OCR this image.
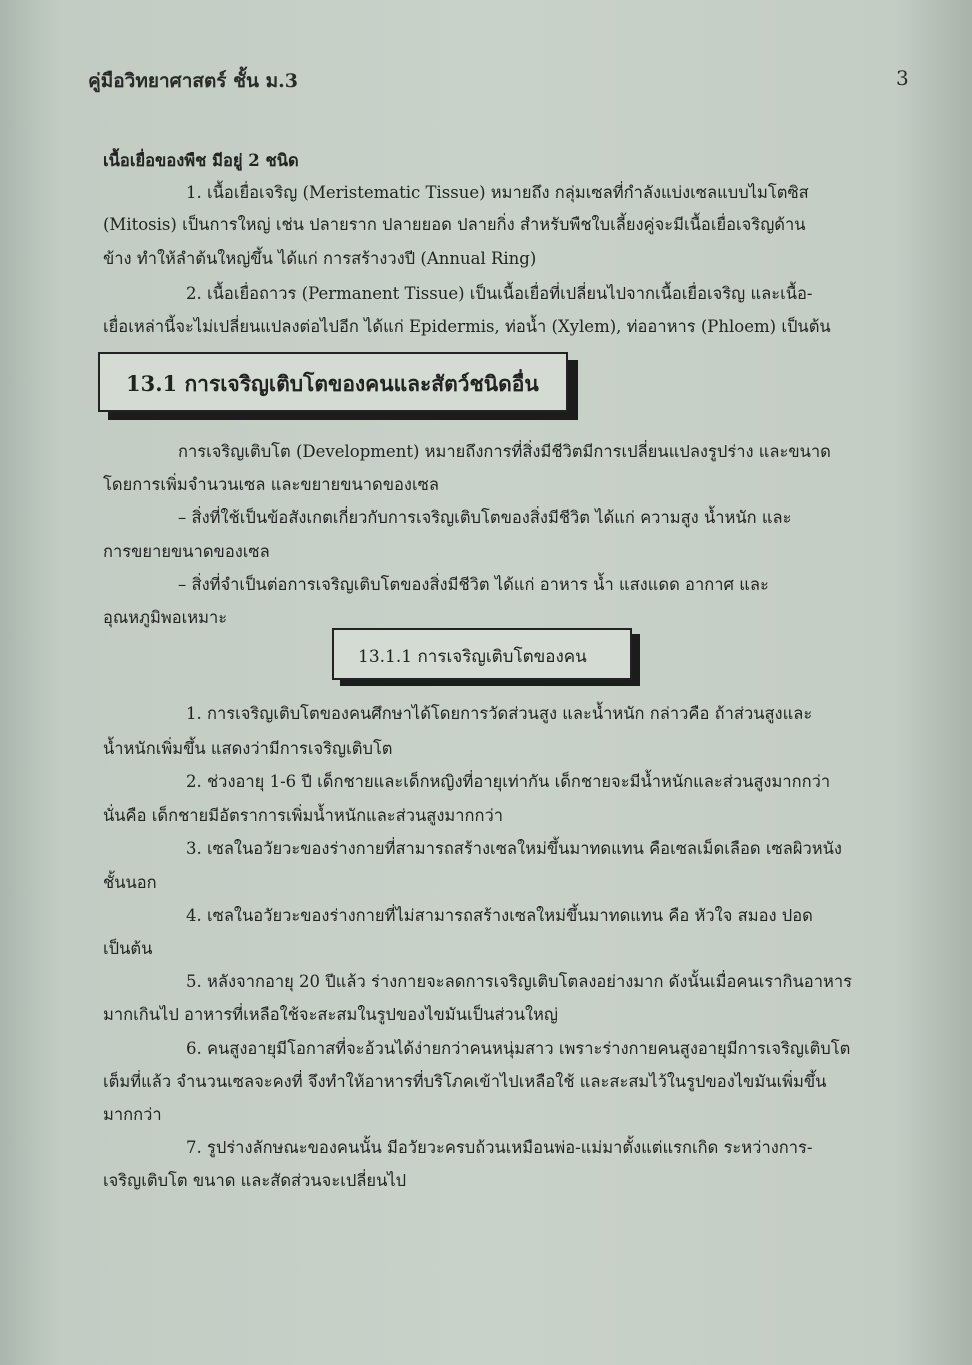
คู่มือวิทยาศาสตร์ ชั้น ม.3	3
เนื้อเยื่อของพืช มีอยู่ 2 ชนิด
1. เนื้อเยื่อเจริญ (Meristematic Tissue) หมายถึง กลุ่มเซลที่กำลังแบ่งเซลแบบไมโตซิส
(Mitosis) เป็นการใหญ่ เช่น ปลายราก ปลายยอด ปลายกิ่ง สำหรับพืชใบเลี้ยงคู่จะมีเนื้อเยื่อเจริญด้าน
ข้าง ทำให้ลำต้นใหญ่ขึ้น ได้แก่ การสร้างวงปี (Annual Ring)
2. เนื้อเยื่อถาวร (Permanent Tissue) เป็นเนื้อเยื่อที่เปลี่ยนไปจากเนื้อเยื่อเจริญ และเนื้อ-
เยื่อเหล่านี้จะไม่เปลี่ยนแปลงต่อไปอีก ได้แก่ Epidermis, ท่อน้ำ (Xylem), ท่ออาหาร (Phloem) เป็นต้น
13.1 การเจริญเติบโตของคนและสัตว์ชนิดอื่น
การเจริญเติบโต (Development) หมายถึงการที่สิ่งมีชีวิตมีการเปลี่ยนแปลงรูปร่าง และขนาด
โดยการเพิ่มจำนวนเซล และขยายขนาดของเซล
– สิ่งที่ใช้เป็นข้อสังเกตเกี่ยวกับการเจริญเติบโตของสิ่งมีชีวิต ได้แก่ ความสูง น้ำหนัก และ
การขยายขนาดของเซล
– สิ่งที่จำเป็นต่อการเจริญเติบโตของสิ่งมีชีวิต ได้แก่ อาหาร น้ำ แสงแดด อากาศ และ
อุณหภูมิพอเหมาะ
13.1.1 การเจริญเติบโตของคน
1. การเจริญเติบโตของคนศึกษาได้โดยการวัดส่วนสูง และน้ำหนัก กล่าวคือ ถ้าส่วนสูงและ
น้ำหนักเพิ่มขึ้น แสดงว่ามีการเจริญเติบโต
2. ช่วงอายุ 1-6 ปี เด็กชายและเด็กหญิงที่อายุเท่ากัน เด็กชายจะมีน้ำหนักและส่วนสูงมากกว่า
นั่นคือ เด็กชายมีอัตราการเพิ่มน้ำหนักและส่วนสูงมากกว่า
3. เซลในอวัยวะของร่างกายที่สามารถสร้างเซลใหม่ขึ้นมาทดแทน คือเซลเม็ดเลือด เซลผิวหนัง
ชั้นนอก
4. เซลในอวัยวะของร่างกายที่ไม่สามารถสร้างเซลใหม่ขึ้นมาทดแทน คือ หัวใจ สมอง ปอด
เป็นต้น
5. หลังจากอายุ 20 ปีแล้ว ร่างกายจะลดการเจริญเติบโตลงอย่างมาก ดังนั้นเมื่อคนเรากินอาหาร
มากเกินไป อาหารที่เหลือใช้จะสะสมในรูปของไขมันเป็นส่วนใหญ่
6. คนสูงอายุมีโอกาสที่จะอ้วนได้ง่ายกว่าคนหนุ่มสาว เพราะร่างกายคนสูงอายุมีการเจริญเติบโต
เต็มที่แล้ว จำนวนเซลจะคงที่ จึงทำให้อาหารที่บริโภคเข้าไปเหลือใช้ และสะสมไว้ในรูปของไขมันเพิ่มขึ้น
มากกว่า
7. รูปร่างลักษณะของคนนั้น มีอวัยวะครบถ้วนเหมือนพ่อ-แม่มาตั้งแต่แรกเกิด ระหว่างการ-
เจริญเติบโต ขนาด และสัดส่วนจะเปลี่ยนไป
